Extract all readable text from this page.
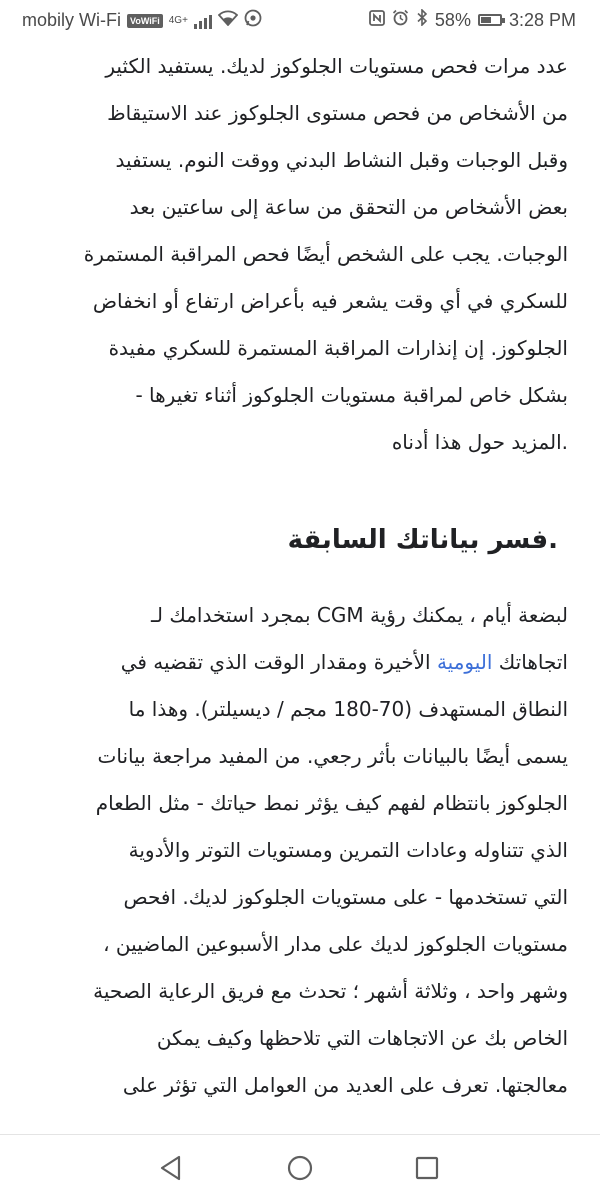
mobily Wi-Fi	VoWiFi 4G+	58% 3:28 PM
عدد مرات فحص مستويات الجلوكوز لديك. يستفيد الكثير
من الأشخاص من فحص مستوى الجلوكوز عند الاستيقاظ
وقبل الوجبات وقبل النشاط البدني ووقت النوم. يستفيد
بعض الأشخاص من التحقق من ساعة إلى ساعتين بعد
الوجبات. يجب على الشخص أيضًا فحص المراقبة المستمرة
للسكري في أي وقت يشعر فيه بأعراض ارتفاع أو انخفاض
الجلوكوز. إن إنذارات المراقبة المستمرة للسكري مفيدة
بشكل خاص لمراقبة مستويات الجلوكوز أثناء تغيرها -
.المزيد حول هذا أدناه
.فسر بياناتك السابقة
لبضعة أيام ، يمكنك رؤية CGM بمجرد استخدامك لـ
اتجاهاتك اليومية الأخيرة ومقدار الوقت الذي تقضيه في
النطاق المستهدف (70-180 مجم / ديسيلتر). وهذا ما
يسمى أيضًا بالبيانات بأثر رجعي. من المفيد مراجعة بيانات
الجلوكوز بانتظام لفهم كيف يؤثر نمط حياتك - مثل الطعام
الذي تتناوله وعادات التمرين ومستويات التوتر والأدوية
التي تستخدمها - على مستويات الجلوكوز لديك. افحص
مستويات الجلوكوز لديك على مدار الأسبوعين الماضيين ،
وشهر واحد ، وثلاثة أشهر ؛ تحدث مع فريق الرعاية الصحية
الخاص بك عن الاتجاهات التي تلاحظها وكيف يمكن
معالجتها. تعرف على العديد من العوامل التي تؤثر على
